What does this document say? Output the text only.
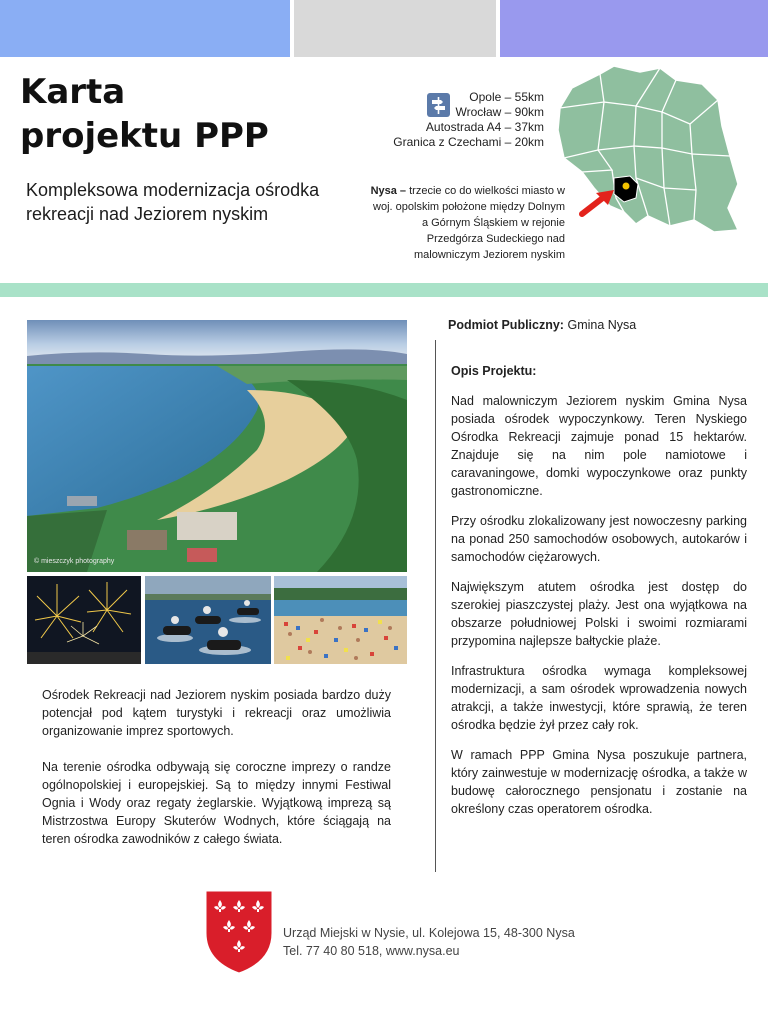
Karta
projektu PPP
Kompleksowa modernizacja ośrodka rekreacji nad Jeziorem nyskim
Opole – 55km
Wrocław – 90km
Autostrada A4 – 37km
Granica z Czechami – 20km
Nysa – trzecie co do wielkości miasto w woj. opolskim położone między Dolnym a Górnym Śląskiem w rejonie Przedgórza Sudeckiego nad malowniczym Jeziorem nyskim
© mieszczyk photography

Ośrodek Rekreacji nad Jeziorem nyskim posiada bardzo duży potencjał pod kątem turystyki i rekreacji oraz umożliwia organizowanie imprez sportowych.

Na terenie ośrodka odbywają się coroczne imprezy o randze ogólnopolskiej i europejskiej. Są to między innymi Festiwal Ognia i Wody oraz regaty żeglarskie. Wyjątkową imprezą są Mistrzostwa Europy Skuterów Wodnych, które ściągają na teren ośrodka zawodników z całego świata.

Podmiot Publiczny: Gmina Nysa
Opis Projektu:

Nad malowniczym Jeziorem nyskim Gmina Nysa posiada ośrodek wypoczynkowy. Teren Nyskiego Ośrodka Rekreacji zajmuje ponad 15 hektarów. Znajduje się na nim pole namiotowe i caravaningowe, domki wypoczynkowe oraz punkty gastronomiczne.

Przy ośrodku zlokalizowany jest nowoczesny parking na ponad 250 samochodów osobowych, autokarów i samochodów ciężarowych.

Największym atutem ośrodka jest dostęp do szerokiej piaszczystej plaży. Jest ona wyjątkowa na obszarze południowej Polski i swoimi rozmiarami przypomina najlepsze bałtyckie plaże.

Infrastruktura ośrodka wymaga kompleksowej modernizacji, a sam ośrodek wprowadzenia nowych atrakcji, a także inwestycji, które sprawią, że teren ośrodka będzie żył przez cały rok.

W ramach PPP Gmina Nysa poszukuje partnera, który zainwestuje w modernizację ośrodka, a także w budowę całorocznego pensjonatu i zostanie na określony czas operatorem ośrodka.

Urząd Miejski w Nysie, ul. Kolejowa 15, 48-300 Nysa
Tel. 77 40 80 518, www.nysa.eu
